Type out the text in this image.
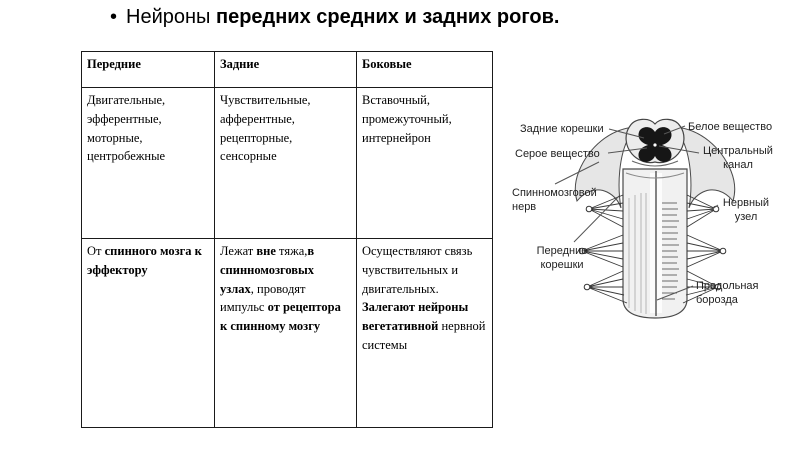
• Нейроны передних средних и задних рогов.
Передние	Задние	Боковые
Двигательные, эфферентные, моторные, центробежные	Чувствительные, афферентные, рецепторные, сенсорные	Вставочный, промежуточный, интернейрон
От спинного мозга к эффектору	Лежат вне тяжа,в спинномозговых узлах, проводят импульс от рецептора к спинному мозгу	Осуществляют связь чувствительных и двигательных. Залегают нейроны вегетативной нервной системы
Задние корешки	Белое вещество
Серое вещество	Центральный канал
Спинномозговой нерв	Нервный узел
Передние корешки
Продольная борозда
